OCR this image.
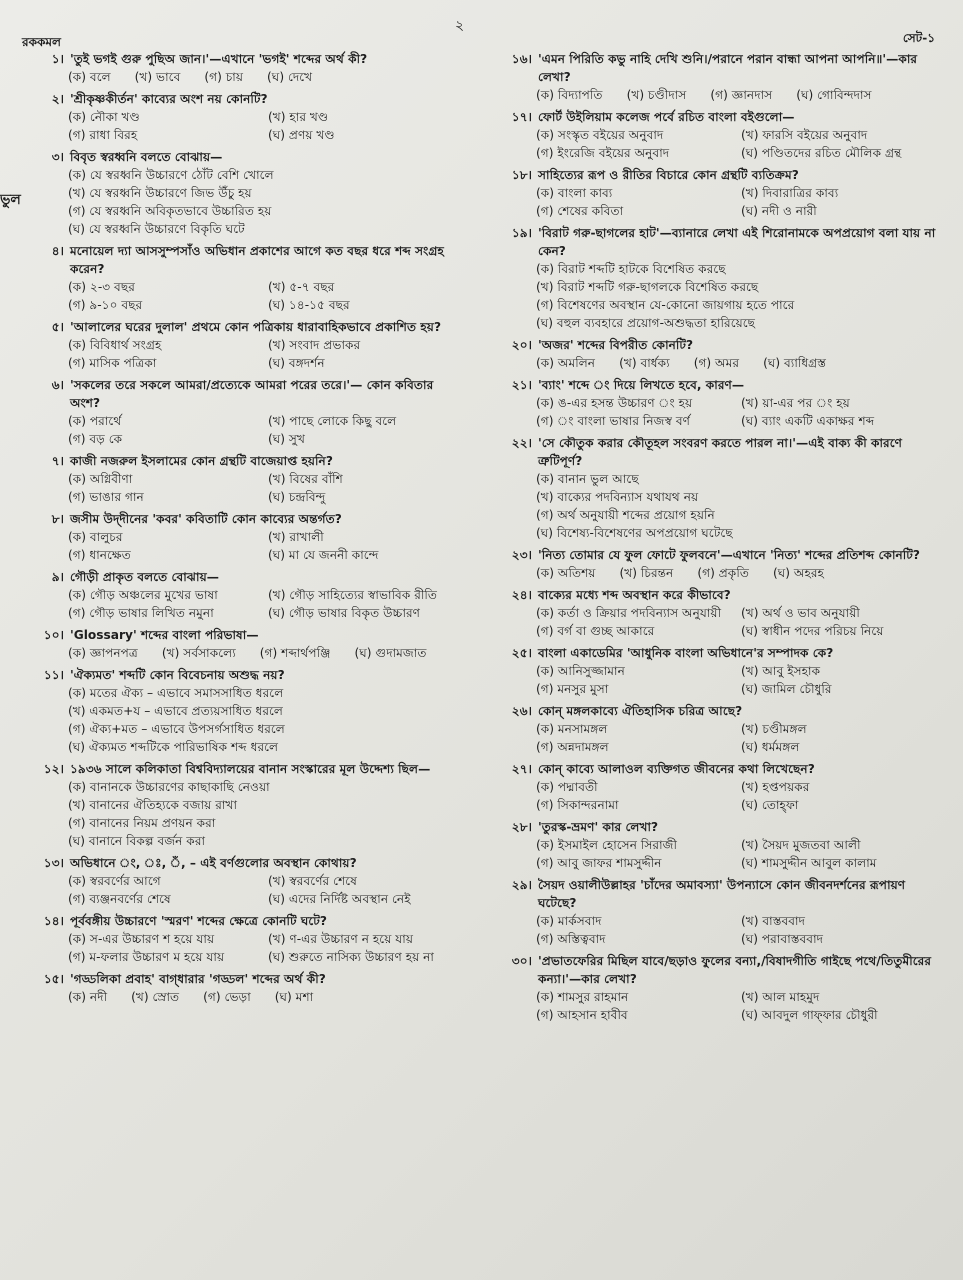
রককমল
২
সেট-১
ভুল
১। 'তুই ভগই গুরু পুছিঅ জান।'—এখানে 'ভগই' শব্দের অর্থ কী?
(ক) বলে (খ) ভাবে (গ) চায় (ঘ) দেখে
২। 'শ্রীকৃষ্ণকীর্তন' কাব্যের অংশ নয় কোনটি?
(ক) নৌকা খণ্ড	(খ) হার খণ্ড
(গ) রাধা বিরহ	(ঘ) প্রণয় খণ্ড
৩। বিবৃত স্বরধ্বনি বলতে বোঝায়—
(ক) যে স্বরধ্বনি উচ্চারণে ঠোঁট বেশি খোলে
(খ) যে স্বরধ্বনি উচ্চারণে জিভ উঁচু হয়
(গ) যে স্বরধ্বনি অবিকৃতভাবে উচ্চারিত হয়
(ঘ) যে স্বরধ্বনি উচ্চারণে বিকৃতি ঘটে
৪। মনোয়েল দ্যা আসসুম্পসাঁও অভিধান প্রকাশের আগে কত বছর ধরে শব্দ সংগ্রহ করেন?
(ক) ২-৩ বছর	(খ) ৫-৭ বছর
(গ) ৯-১০ বছর	(ঘ) ১৪-১৫ বছর
৫। 'আলালের ঘরের দুলাল' প্রথমে কোন পত্রিকায় ধারাবাহিকভাবে প্রকাশিত হয়?
(ক) বিবিধার্থ সংগ্রহ	(খ) সংবাদ প্রভাকর
(গ) মাসিক পত্রিকা	(ঘ) বঙ্গদর্শন
৬। 'সকলের তরে সকলে আমরা/প্রত্যেকে আমরা পরের তরে।'— কোন কবিতার অংশ?
(ক) পরার্থে	(খ) পাছে লোকে কিছু বলে
(গ) বড় কে	(ঘ) সুখ
৭। কাজী নজরুল ইসলামের কোন গ্রন্থটি বাজেয়াপ্ত হয়নি?
(ক) অগ্নিবীণা	(খ) বিষের বাঁশি
(গ) ভাঙার গান	(ঘ) চন্দ্রবিন্দু
৮। জসীম উদ্‌দীনের 'কবর' কবিতাটি কোন কাব্যের অন্তর্গত?
(ক) বালুচর	(খ) রাখালী
(গ) ধানক্ষেত	(ঘ) মা যে জননী কান্দে
৯। গৌড়ী প্রাকৃত বলতে বোঝায়—
(ক) গৌড় অঞ্চলের মুখের ভাষা	(খ) গৌড় সাহিত্যের স্বাভাবিক রীতি
(গ) গৌড় ভাষার লিখিত নমুনা	(ঘ) গৌড় ভাষার বিকৃত উচ্চারণ
১০। 'Glossary' শব্দের বাংলা পরিভাষা—
(ক) জ্ঞাপনপত্র (খ) সর্বসাকল্যে (গ) শব্দার্থপঞ্জি (ঘ) গুদামজাত
১১। 'ঐক্যমত' শব্দটি কোন বিবেচনায় অশুদ্ধ নয়?
(ক) মতের ঐক্য – এভাবে সমাসসাধিত ধরলে
(খ) একমত+য – এভাবে প্রত্যয়সাধিত ধরলে
(গ) ঐক্য+মত – এভাবে উপসর্গসাধিত ধরলে
(ঘ) ঐক্যমত শব্দটিকে পারিভাষিক শব্দ ধরলে
১২। ১৯৩৬ সালে কলিকাতা বিশ্ববিদ্যালয়ের বানান সংস্কারের মূল উদ্দেশ্য ছিল—
(ক) বানানকে উচ্চারণের কাছাকাছি নেওয়া
(খ) বানানের ঐতিহ্যকে বজায় রাখা
(গ) বানানের নিয়ম প্রণয়ন করা
(ঘ) বানানে বিকল্প বর্জন করা
১৩। অভিধানে ং, ঃ, ঁ, – এই বর্ণগুলোর অবস্থান কোথায়?
(ক) স্বরবর্ণের আগে	(খ) স্বরবর্ণের শেষে
(গ) ব্যঞ্জনবর্ণের শেষে	(ঘ) এদের নির্দিষ্ট অবস্থান নেই
১৪। পূর্ববঙ্গীয় উচ্চারণে 'স্মরণ' শব্দের ক্ষেত্রে কোনটি ঘটে?
(ক) স-এর উচ্চারণ শ হয়ে যায়	(খ) ণ-এর উচ্চারণ ন হয়ে যায়
(গ) ম-ফলার উচ্চারণ ম হয়ে যায়	(ঘ) শুরুতে নাসিক্য উচ্চারণ হয় না
১৫। 'গড্ডলিকা প্রবাহ' বাগ্‌ধারার 'গড্ডল' শব্দের অর্থ কী?
(ক) নদী (খ) স্রোত (গ) ভেড়া (ঘ) মশা
১৬। 'এমন পিরিতি কভু নাহি দেখি শুনি।/পরানে পরান বান্ধা আপনা আপনি॥'—কার লেখা?
(ক) বিদ্যাপতি (খ) চণ্ডীদাস (গ) জ্ঞানদাস (ঘ) গোবিন্দদাস
১৭। ফোর্ট উইলিয়াম কলেজ পর্বে রচিত বাংলা বইগুলো—
(ক) সংস্কৃত বইয়ের অনুবাদ	(খ) ফারসি বইয়ের অনুবাদ
(গ) ইংরেজি বইয়ের অনুবাদ	(ঘ) পণ্ডিতদের রচিত মৌলিক গ্রন্থ
১৮। সাহিত্যের রূপ ও রীতির বিচারে কোন গ্রন্থটি ব্যতিক্রম?
(ক) বাংলা কাব্য	(খ) দিবারাত্রির কাব্য
(গ) শেষের কবিতা	(ঘ) নদী ও নারী
১৯। 'বিরাট গরু-ছাগলের হাট'—ব্যানারে লেখা এই শিরোনামকে অপপ্রয়োগ বলা যায় না কেন?
(ক) বিরাট শব্দটি হাটকে বিশেষিত করছে
(খ) বিরাট শব্দটি গরু-ছাগলকে বিশেষিত করছে
(গ) বিশেষণের অবস্থান যে-কোনো জায়গায় হতে পারে
(ঘ) বহুল ব্যবহারে প্রয়োগ-অশুদ্ধতা হারিয়েছে
২০। 'অজর' শব্দের বিপরীত কোনটি?
(ক) অমলিন (খ) বার্ধক্য (গ) অমর (ঘ) ব্যাধিগ্রস্ত
২১। 'ব্যাং' শব্দে ং দিয়ে লিখতে হবে, কারণ—
(ক) ঙ-এর হসন্ত উচ্চারণ ং হয়	(খ) য়া-এর পর ং হয়
(গ) ং বাংলা ভাষার নিজস্ব বর্ণ	(ঘ) ব্যাং একটি একাক্ষর শব্দ
২২। 'সে কৌতুক করার কৌতূহল সংবরণ করতে পারল না।'—এই বাক্য কী কারণে ত্রুটিপূর্ণ?
(ক) বানান ভুল আছে
(খ) বাক্যের পদবিন্যাস যথাযথ নয়
(গ) অর্থ অনুযায়ী শব্দের প্রয়োগ হয়নি
(ঘ) বিশেষ্য-বিশেষণের অপপ্রয়োগ ঘটেছে
২৩। 'নিত্য তোমার যে ফুল ফোটে ফুলবনে'—এখানে 'নিত্য' শব্দের প্রতিশব্দ কোনটি?
(ক) অতিশয় (খ) চিরন্তন (গ) প্রকৃতি (ঘ) অহরহ
২৪। বাক্যের মধ্যে শব্দ অবস্থান করে কীভাবে?
(ক) কর্তা ও ক্রিয়ার পদবিন্যাস অনুযায়ী	(খ) অর্থ ও ভাব অনুযায়ী
(গ) বর্গ বা গুচ্ছ আকারে	(ঘ) স্বাধীন পদের পরিচয় নিয়ে
২৫। বাংলা একাডেমির 'আধুনিক বাংলা অভিধানে'র সম্পাদক কে?
(ক) আনিসুজ্জামান	(খ) আবু ইসহাক
(গ) মনসুর মুসা	(ঘ) জামিল চৌধুরি
২৬। কোন্ মঙ্গলকাব্যে ঐতিহাসিক চরিত্র আছে?
(ক) মনসামঙ্গল	(খ) চণ্ডীমঙ্গল
(গ) অন্নদামঙ্গল	(ঘ) ধর্মমঙ্গল
২৭। কোন্ কাব্যে আলাওল ব্যক্তিগত জীবনের কথা লিখেছেন?
(ক) পদ্মাবতী	(খ) হপ্তপয়কর
(গ) সিকান্দরনামা	(ঘ) তোহ্‌ফা
২৮। 'তুরস্ক-ভ্রমণ' কার লেখা?
(ক) ইসমাইল হোসেন সিরাজী	(খ) সৈয়দ মুজতবা আলী
(গ) আবু জাফর শামসুদ্দীন	(ঘ) শামসুদ্দীন আবুল কালাম
২৯। সৈয়দ ওয়ালীউল্লাহর 'চাঁদের অমাবস্যা' উপন্যাসে কোন জীবনদর্শনের রূপায়ণ ঘটেছে?
(ক) মার্কসবাদ	(খ) বাস্তববাদ
(গ) অস্তিত্ববাদ	(ঘ) পরাবাস্তববাদ
৩০। 'প্রভাতফেরির মিছিল যাবে/ছড়াও ফুলের বন্যা,/বিষাদগীতি গাইছে পথে/তিতুমীরের কন্যা।'—কার লেখা?
(ক) শামসুর রাহমান	(খ) আল মাহমুদ
(গ) আহসান হাবীব	(ঘ) আবদুল গাফ্‌ফার চৌধুরী
